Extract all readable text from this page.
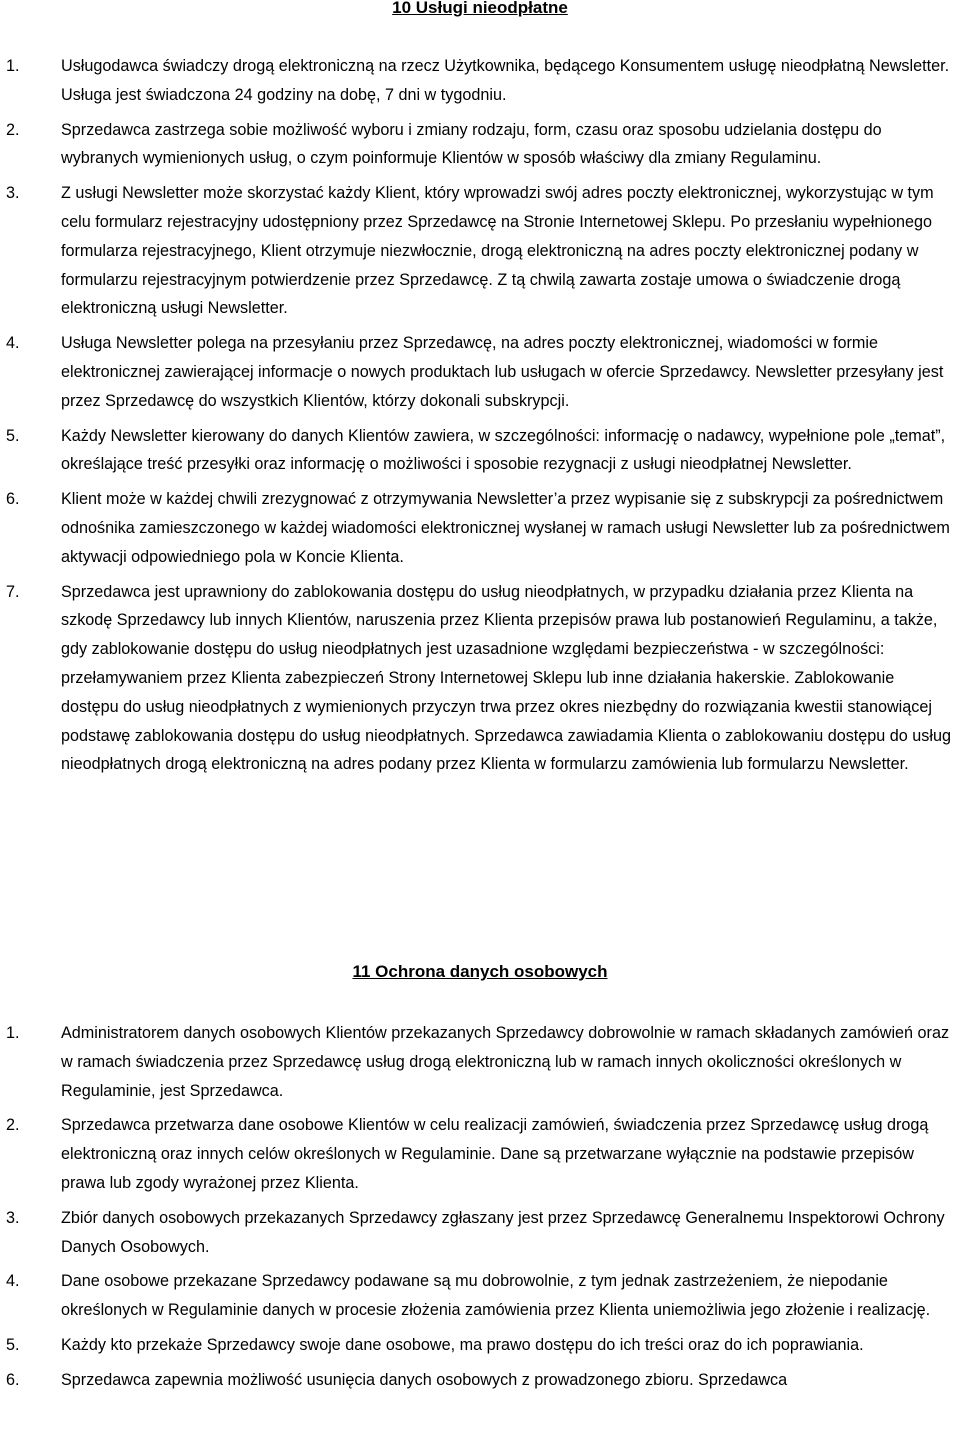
10 Usługi nieodpłatne
1.	Usługodawca świadczy drogą elektroniczną na rzecz Użytkownika, będącego Konsumentem usługę nieodpłatną Newsletter. Usługa jest świadczona 24 godziny na dobę, 7 dni w tygodniu.
2.	Sprzedawca zastrzega sobie możliwość wyboru i zmiany rodzaju, form, czasu oraz sposobu udzielania dostępu do wybranych wymienionych usług, o czym poinformuje Klientów w sposób właściwy dla zmiany Regulaminu.
3.	Z usługi Newsletter może skorzystać każdy Klient, który wprowadzi swój adres poczty elektronicznej, wykorzystując w tym celu formularz rejestracyjny udostępniony przez Sprzedawcę na Stronie Internetowej Sklepu. Po przesłaniu wypełnionego formularza rejestracyjnego, Klient otrzymuje niezwłocznie, drogą elektroniczną na adres poczty elektronicznej podany w formularzu rejestracyjnym potwierdzenie przez Sprzedawcę. Z tą chwilą zawarta zostaje umowa o świadczenie drogą elektroniczną usługi Newsletter.
4.	Usługa Newsletter polega na przesyłaniu przez Sprzedawcę, na adres poczty elektronicznej, wiadomości w formie elektronicznej zawierającej informacje o nowych produktach lub usługach w ofercie Sprzedawcy. Newsletter przesyłany jest przez Sprzedawcę do wszystkich Klientów, którzy dokonali subskrypcji.
5.	Każdy Newsletter kierowany do danych Klientów zawiera, w szczególności: informację o nadawcy, wypełnione pole „temat”, określające treść przesyłki oraz informację o możliwości i sposobie rezygnacji z usługi nieodpłatnej Newsletter.
6.	Klient może w każdej chwili zrezygnować z otrzymywania Newsletter’a przez wypisanie się z subskrypcji za pośrednictwem odnośnika zamieszczonego w każdej wiadomości elektronicznej wysłanej w ramach usługi Newsletter lub za pośrednictwem aktywacji odpowiedniego pola w Koncie Klienta.
7.	Sprzedawca jest uprawniony do zablokowania dostępu do usług nieodpłatnych, w przypadku działania przez Klienta na szkodę Sprzedawcy lub innych Klientów, naruszenia przez Klienta przepisów prawa lub postanowień Regulaminu, a także, gdy zablokowanie dostępu do usług nieodpłatnych jest uzasadnione względami bezpieczeństwa - w szczególności: przełamywaniem przez Klienta zabezpieczeń Strony Internetowej Sklepu lub inne działania hakerskie. Zablokowanie dostępu do usług nieodpłatnych z wymienionych przyczyn trwa przez okres niezbędny do rozwiązania kwestii stanowiącej podstawę zablokowania dostępu do usług nieodpłatnych. Sprzedawca zawiadamia Klienta o zablokowaniu dostępu do usług nieodpłatnych drogą elektroniczną na adres podany przez Klienta w formularzu zamówienia lub formularzu Newsletter.
11 Ochrona danych osobowych
1.	Administratorem danych osobowych Klientów przekazanych Sprzedawcy dobrowolnie w ramach składanych zamówień oraz w ramach świadczenia przez Sprzedawcę usług drogą elektroniczną lub w ramach innych okoliczności określonych w Regulaminie, jest Sprzedawca.
2.	Sprzedawca przetwarza dane osobowe Klientów w celu realizacji zamówień, świadczenia przez Sprzedawcę usług drogą elektroniczną oraz innych celów określonych w Regulaminie. Dane są przetwarzane wyłącznie na podstawie przepisów prawa lub zgody wyrażonej przez Klienta.
3.	Zbiór danych osobowych przekazanych Sprzedawcy zgłaszany jest przez Sprzedawcę Generalnemu Inspektorowi Ochrony Danych Osobowych.
4.	Dane osobowe przekazane Sprzedawcy podawane są mu dobrowolnie, z tym jednak zastrzeżeniem, że niepodanie określonych w Regulaminie danych w procesie złożenia zamówienia przez Klienta uniemożliwia jego złożenie i realizację.
5.	Każdy kto przekaże Sprzedawcy swoje dane osobowe, ma prawo dostępu do ich treści oraz do ich poprawiania.
6.	Sprzedawca zapewnia możliwość usunięcia danych osobowych z prowadzonego zbioru. Sprzedawca
